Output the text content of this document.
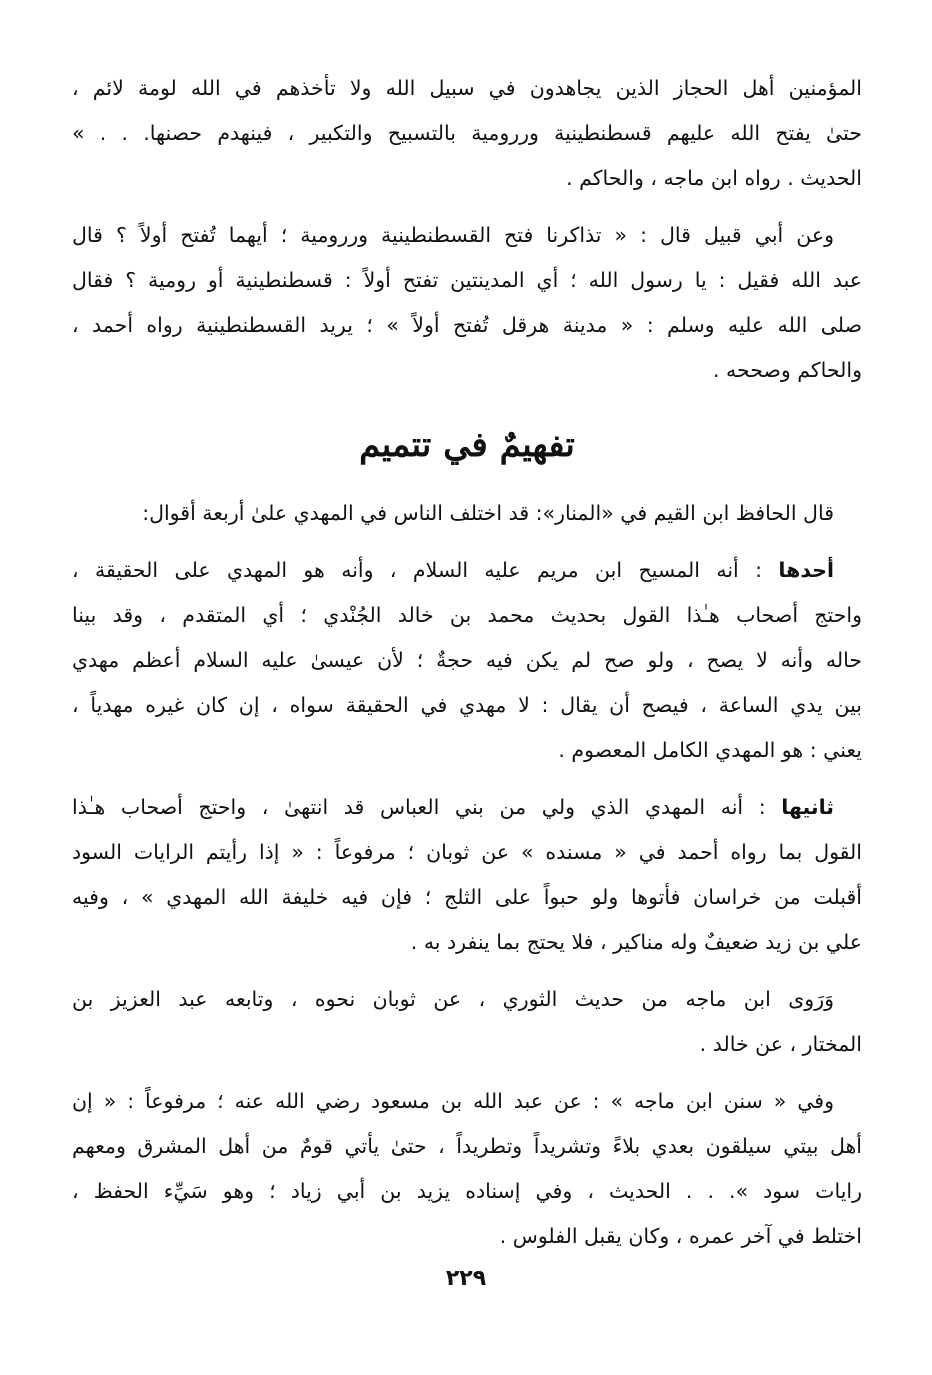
المؤمنين أهل الحجاز الذين يجاهدون في سبيل الله ولا تأخذهم في الله لومة لائم ،
حتىٰ يفتح الله عليهم قسطنطينية وررومية بالتسبيح والتكبير ، فينهدم حصنها. . . »
الحديث . رواه ابن ماجه ، والحاكم .
وعن أبي قبيل قال : « تذاكرنا فتح القسطنطينية وررومية ؛ أيهما تُفتح أولاً ؟ قال
عبد الله فقيل : يا رسول الله ؛ أي المدينتين تفتح أولاً : قسطنطينية أو رومية ؟ فقال
صلى الله عليه وسلم : « مدينة هرقل تُفتح أولاً » ؛ يريد القسطنطينية رواه أحمد ،
والحاكم وصححه .
تفهيمٌ في تتميم
قال الحافظ ابن القيم في «المنار»: قد اختلف الناس في المهدي علىٰ أربعة أقوال:
أحدها : أنه المسيح ابن مريم عليه السلام ، وأنه هو المهدي على الحقيقة ،
واحتج أصحاب هـٰذا القول بحديث محمد بن خالد الجُنْدي ؛ أي المتقدم ، وقد بينا
حاله وأنه لا يصح ، ولو صح لم يكن فيه حجةٌ ؛ لأن عيسىٰ عليه السلام أعظم مهدي
بين يدي الساعة ، فيصح أن يقال : لا مهدي في الحقيقة سواه ، إن كان غيره مهدياً ،
يعني : هو المهدي الكامل المعصوم .
ثانيها : أنه المهدي الذي ولي من بني العباس قد انتهىٰ ، واحتج أصحاب هـٰذا
القول بما رواه أحمد في « مسنده » عن ثوبان ؛ مرفوعاً : « إذا رأيتم الرايات السود
أقبلت من خراسان فأتوها ولو حبواً على الثلج ؛ فإن فيه خليفة الله المهدي » ، وفيه
علي بن زيد ضعيفٌ وله مناكير ، فلا يحتج بما ينفرد به .
وَرَوى ابن ماجه من حديث الثوري ، عن ثوبان نحوه ، وتابعه عبد العزيز بن
المختار ، عن خالد .
وفي « سنن ابن ماجه » : عن عبد الله بن مسعود رضي الله عنه ؛ مرفوعاً : « إن
أهل بيتي سيلقون بعدي بلاءً وتشريداً وتطريداً ، حتىٰ يأتي قومٌ من أهل المشرق ومعهم
رايات سود ». . . الحديث ، وفي إسناده يزيد بن أبي زياد ؛ وهو سَيِّء الحفظ ،
اختلط في آخر عمره ، وكان يقبل الفلوس .
٢٢٩
